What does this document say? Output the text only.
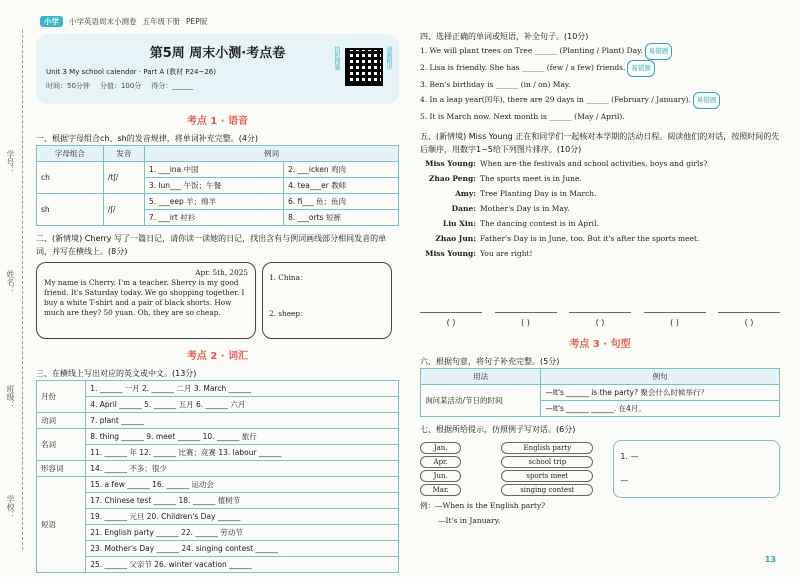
小学	小学英语周末小测卷 五年级下册 PEP版
学号：
姓名：
班级：
学校：
第5周 周末小测·考点卷
Unit 3 My school calendor · Part A (教材 P24~26)
时间：50分钟 分值：100分 得分：______
拍照搜题	视频精讲
考点 1 · 语音
一、根据字母组合ch、sh的发音规律，将单词补充完整。(4分)
字母组合	发音	例词	
ch	/tʃ/	1. ___ina 中国	2. ___icken 鸡肉
		3. lun___ 午饭；午餐	4. tea___er 教师
sh	/ʃ/	5. ___eep 羊；绵羊	6. fi___ 鱼；鱼肉
		7. ___irt 衬衫	8. ___orts 短裤
二、(新情境) Cherry 写了一篇日记，请你读一读她的日记，找出含有与例词画线部分相同发音的单词，并写在横线上。(8分)
Apr. 5th, 2025
My name is Cherry. I'm a teacher. Sherry is my good friend. It's Saturday today. We go shopping together. I buy a white T-shirt and a pair of black shorts. How much are they? 50 yuan. Oh, they are so cheap.
1. China：
2. sheep：
考点 2 · 词汇
三、在横线上写出对应的英文或中文。(13分)
月份	1. ______ 一月 2. ______ 二月 3. March ______
	4. April ______ 5. ______ 五月 6. ______ 六月
动词	7. plant ______
名词	8. thing ______ 9. meet ______ 10. ______ 旅行
	11. ______ 年 12. ______ 比赛；竞赛 13. labour ______
形容词	14. ______ 不多；很少
短语	15. a few ______ 16. ______ 运动会
	17. Chinese test ______ 18. ______ 植树节
	19. ______ 元旦 20. Children's Day ______
	21. English party ______ 22. ______ 劳动节
	23. Mother's Day ______ 24. singing contest ______
	25. ______ 父亲节 26. winter vacation ______
四、选择正确的单词或短语，补全句子。(10分)
1. We will plant trees on Tree ______ (Planting / Plant) Day. 易错题
2. Lisa is friendly. She has ______ (few / a few) friends. 易错题
3. Ben's birthday is ______ (in / on) May.
4. In a leap year(闰年), there are 29 days in ______ (February / January). 易错题
5. It is March now. Next month is ______ (May / April).
五、(新情境) Miss Young 正在和同学们一起核对本学期的活动日程。阅读他们的对话，按照时间的先后顺序，用数字1~5给下列图片排序。(10分)
Miss Young: When are the festivals and school activities, boys and girls?
Zhao Peng: The sports meet is in June.
Amy: Tree Planting Day is in March.
Dane: Mother's Day is in May.
Liu Xin: The dancing contest is in April.
Zhao Jun: Father's Day is in June, too. But it's after the sports meet.
Miss Young: You are right!
( )	( )	( )	( )	( )
考点 3 · 句型
六、根据句意，将句子补充完整。(5分)
用法	例句
询问某活动/节日的时间	—It's ______ is the party? 聚会什么时候举行？
	—It's ______ ______. 在4月。
七、根据所给提示，仿照例子写对话。(6分)
Jan.
Apr.
Jun.
Mar.
English party
school trip
sports meet
singing contest
1. —
—
例：—When is the English party?
—It's in January.
13
